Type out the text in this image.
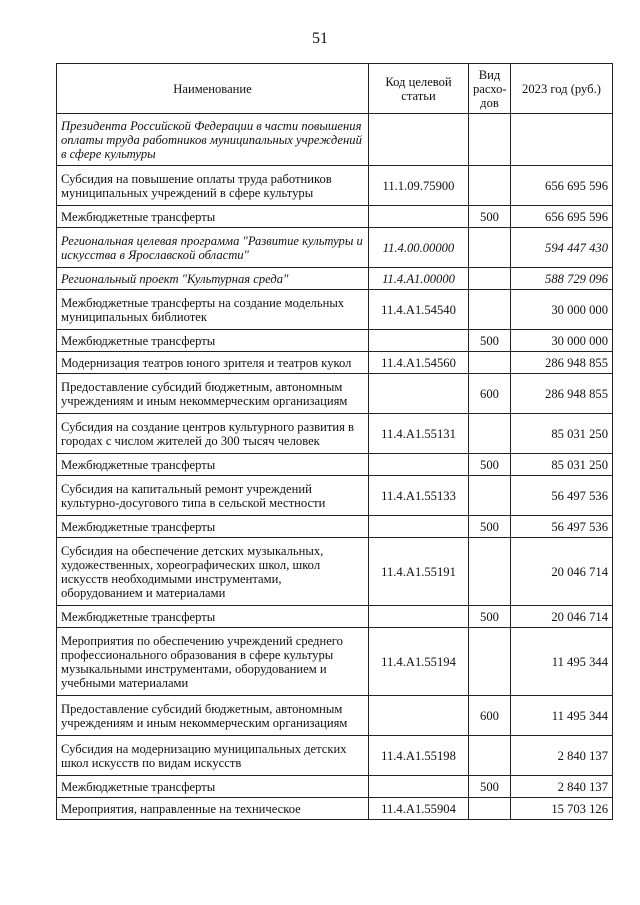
51
Наименование	Код целевой статьи	Вид расхо-дов	2023 год (руб.)
Президента Российской Федерации в части повышения оплаты труда работников муниципальных учреждений в сфере культуры			
Субсидия на повышение оплаты труда работников муниципальных учреждений в сфере культуры	11.1.09.75900		656 695 596
Межбюджетные трансферты		500	656 695 596
Региональная целевая программа "Развитие культуры и искусства в Ярославской области"	11.4.00.00000		594 447 430
Региональный проект "Культурная среда"	11.4.A1.00000		588 729 096
Межбюджетные трансферты на создание модельных муниципальных библиотек	11.4.A1.54540		30 000 000
Межбюджетные трансферты		500	30 000 000
Модернизация театров юного зрителя и театров кукол	11.4.A1.54560		286 948 855
Предоставление субсидий бюджетным, автономным учреждениям и иным некоммерческим организациям		600	286 948 855
Субсидия на создание центров культурного развития в городах с числом жителей до 300 тысяч человек	11.4.A1.55131		85 031 250
Межбюджетные трансферты		500	85 031 250
Субсидия на капитальный ремонт учреждений культурно-досугового типа в сельской местности	11.4.A1.55133		56 497 536
Межбюджетные трансферты		500	56 497 536
Субсидия на обеспечение детских музыкальных, художественных, хореографических школ, школ искусств необходимыми инструментами, оборудованием и материалами	11.4.A1.55191		20 046 714
Межбюджетные трансферты		500	20 046 714
Мероприятия по обеспечению учреждений среднего профессионального образования в сфере культуры музыкальными инструментами, оборудованием и учебными материалами	11.4.A1.55194		11 495 344
Предоставление субсидий бюджетным, автономным учреждениям и иным некоммерческим организациям		600	11 495 344
Субсидия на модернизацию муниципальных детских школ искусств по видам искусств	11.4.A1.55198		2 840 137
Межбюджетные трансферты		500	2 840 137
Мероприятия, направленные на техническое	11.4.A1.55904		15 703 126
